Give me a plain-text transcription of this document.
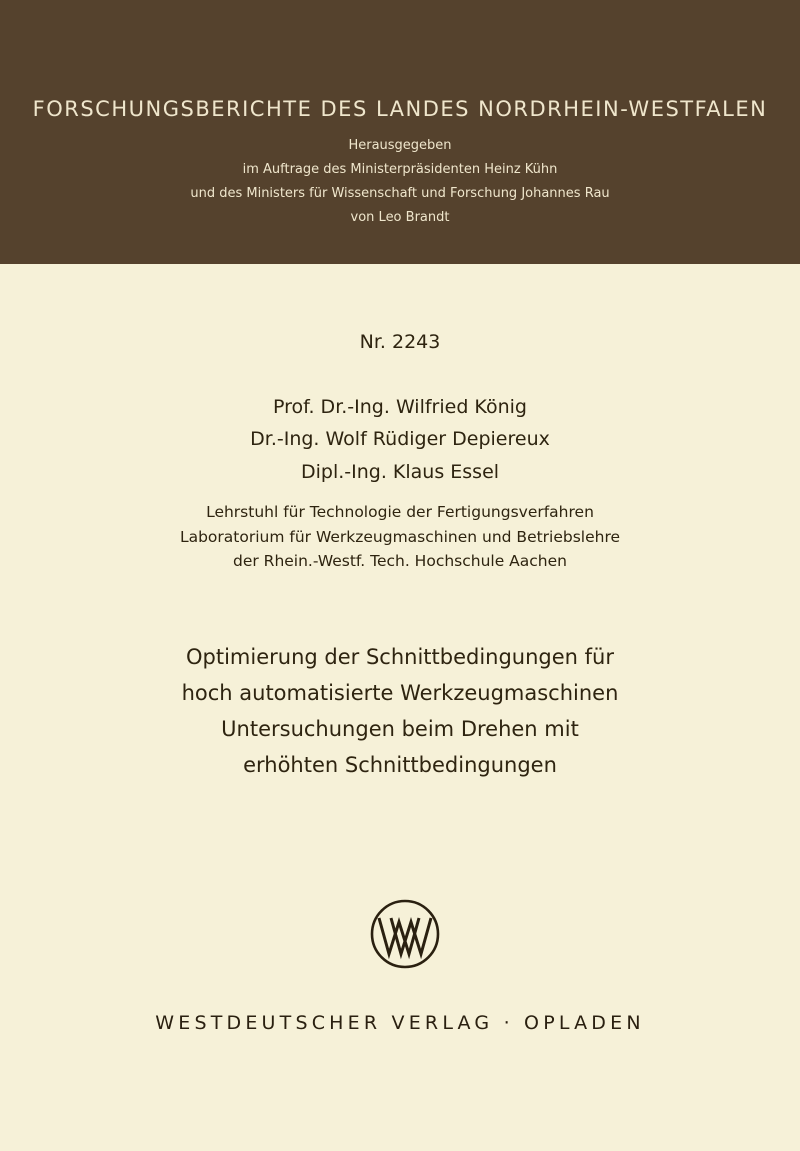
FORSCHUNGSBERICHTE DES LANDES NORDRHEIN-WESTFALEN
Herausgegeben
im Auftrage des Ministerpräsidenten Heinz Kühn
und des Ministers für Wissenschaft und Forschung Johannes Rau
von Leo Brandt
Nr. 2243
Prof. Dr.-Ing. Wilfried König
Dr.-Ing. Wolf Rüdiger Depiereux
Dipl.-Ing. Klaus Essel
Lehrstuhl für Technologie der Fertigungsverfahren
Laboratorium für Werkzeugmaschinen und Betriebslehre
der Rhein.-Westf. Tech. Hochschule Aachen
Optimierung der Schnittbedingungen für
hoch automatisierte Werkzeugmaschinen
Untersuchungen beim Drehen mit
erhöhten Schnittbedingungen
WESTDEUTSCHER VERLAG · OPLADEN
